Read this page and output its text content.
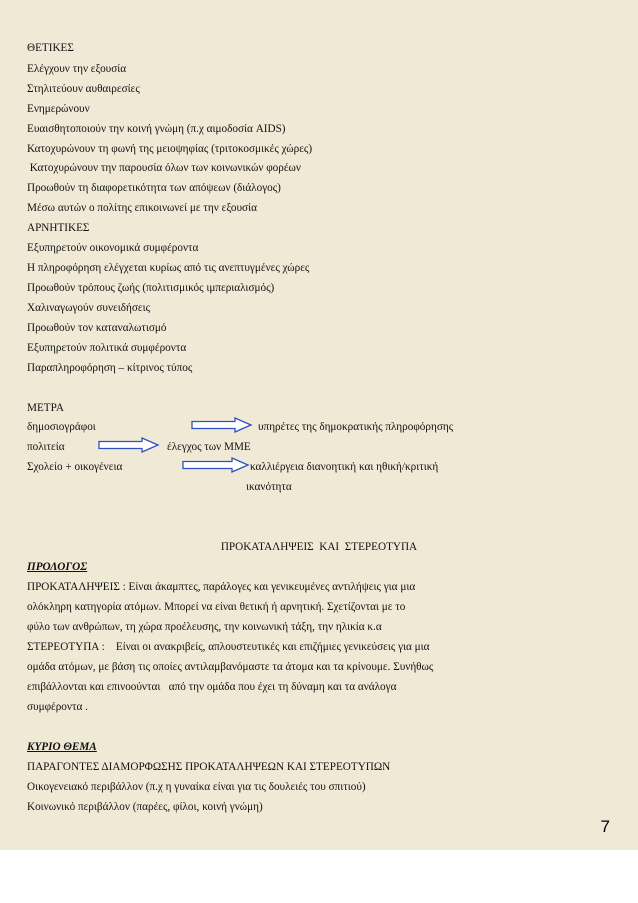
ΘΕΤΙΚΕΣ
Ελέγχουν την εξουσία
Στηλιτεύουν αυθαιρεσίες
Ενημερώνουν
Ευαισθητοποιούν την κοινή γνώμη (π.χ αιμοδοσία AIDS)
Κατοχυρώνουν τη φωνή της μειοψηφίας (τριτοκοσμικές χώρες)
Κατοχυρώνουν την παρουσία όλων των κοινωνικών φορέων
Προωθούν τη διαφορετικότητα των απόψεων (διάλογος)
Μέσω αυτών ο πολίτης επικοινωνεί με την εξουσία
ΑΡΝΗΤΙΚΕΣ
Εξυπηρετούν οικονομικά συμφέροντα
Η πληροφόρηση ελέγχεται κυρίως από τις ανεπτυγμένες χώρες
Προωθούν τρόπους ζωής (πολιτισμικός ιμπεριαλισμός)
Χαλιναγωγούν συνειδήσεις
Προωθούν τον καταναλωτισμό
Εξυπηρετούν πολιτικά συμφέροντα
Παραπληροφόρηση – κίτρινος τύπος
ΜΕΤΡΑ
δημοσιογράφοι	υπηρέτες της δημοκρατικής πληροφόρησης
πολιτεία	έλεγχος των ΜΜΕ
Σχολείο + οικογένεια	καλλιέργεια διανοητική και ηθική/κριτική
ικανότητα
ΠΡΟΚΑΤΑΛΗΨΕΙΣ  ΚΑΙ  ΣΤΕΡΕΟΤΥΠΑ
ΠΡΟΛΟΓΟΣ
ΠΡΟΚΑΤΑΛΗΨΕΙΣ : Είναι άκαμπτες, παράλογες και γενικευμένες αντιλήψεις για μια
ολόκληρη κατηγορία ατόμων. Μπορεί να είναι θετική ή αρνητική. Σχετίζονται με το
φύλο των ανθρώπων, τη χώρα προέλευσης, την κοινωνική τάξη, την ηλικία κ.α
ΣΤΕΡΕΟΤΥΠΑ :    Είναι οι ανακριβείς, απλουστευτικές και επιζήμιες γενικεύσεις για μια
ομάδα ατόμων, με βάση τις οποίες αντιλαμβανόμαστε τα άτομα και τα κρίνουμε. Συνήθως
επιβάλλονται και επινοούνται   από την ομάδα που έχει τη δύναμη και τα ανάλογα
συμφέροντα .
ΚΥΡΙΟ ΘΕΜΑ
ΠΑΡΑΓΟΝΤΕΣ ΔΙΑΜΟΡΦΩΣΗΣ ΠΡΟΚΑΤΑΛΗΨΕΩΝ ΚΑΙ ΣΤΕΡΕΟΤΥΠΩΝ
Οικογενειακό περιβάλλον (π.χ η γυναίκα είναι για τις δουλειές του σπιτιού)
Κοινωνικό περιβάλλον (παρέες, φίλοι, κοινή γνώμη)
7
